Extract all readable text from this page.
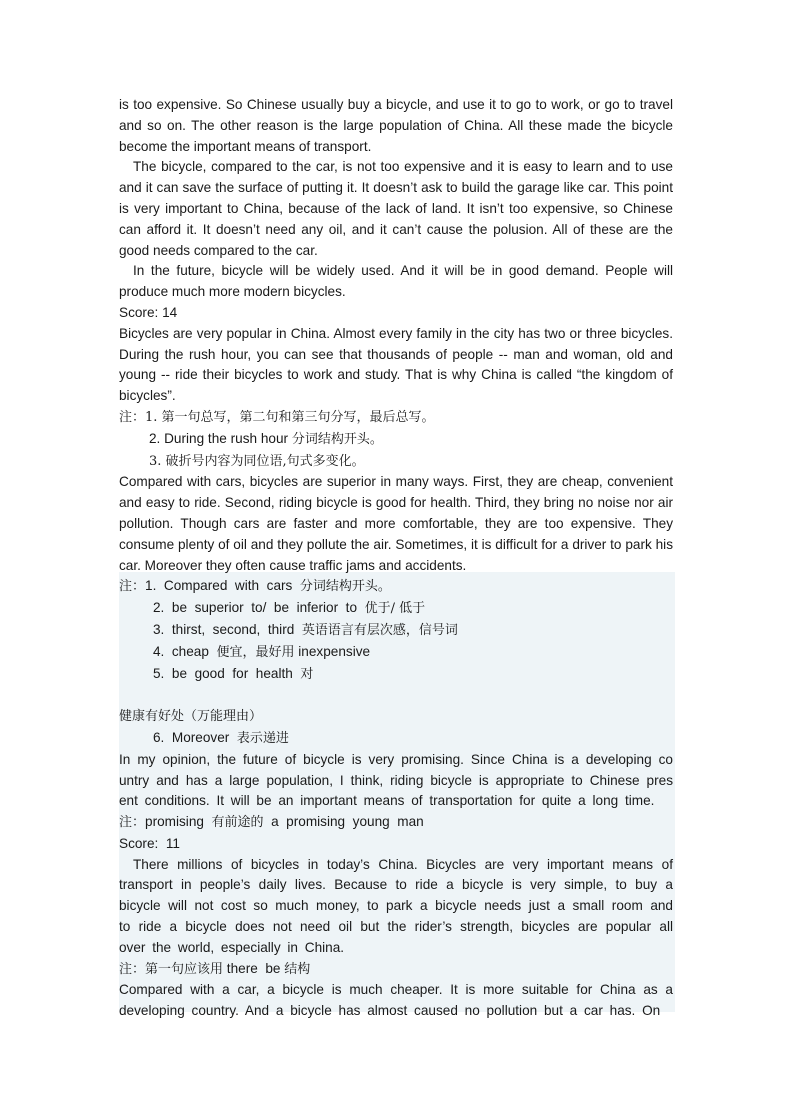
is too expensive. So Chinese usually buy a bicycle, and use it to go to work, or go to travel and so on. The other reason is the large population of China. All these made the bicycle become the important means of transport.

The bicycle, compared to the car, is not too expensive and it is easy to learn and to use and it can save the surface of putting it. It doesn’t ask to build the garage like car. This point is very important to China, because of the lack of land. It isn’t too expensive, so Chinese can afford it. It doesn’t need any oil, and it can’t cause the polusion. All of these are the good needs compared to the car.

In the future, bicycle will be widely used. And it will be in good demand. People will produce much more modern bicycles.

Score: 14

Bicycles are very popular in China. Almost every family in the city has two or three bicycles. During the rush hour, you can see that thousands of people -- man and woman, old and young -- ride their bicycles to work and study. That is why China is called “the kingdom of bicycles”.

注：1. 第一句总写，第二句和第三句分写，最后总写。

2. During the rush hour 分词结构开头。

3. 破折号内容为同位语,句式多变化。

Compared with cars, bicycles are superior in many ways. First, they are cheap, convenient and easy to ride. Second, riding bicycle is good for health. Third, they bring no noise nor air pollution. Though cars are faster and more comfortable, they are too expensive. They consume plenty of oil and they pollute the air. Sometimes, it is difficult for a driver to park his car. Moreover they often cause traffic jams and accidents.

注：1.  Compared  with  cars  分词结构开头。

2.  be  superior  to/  be  inferior  to  优于/ 低于

3.  thirst,  second,  third  英语语言有层次感，信号词

4.  cheap  便宜，最好用 inexpensive

5.  be  good  for  health  对

健康有好处（万能理由）

6.  Moreover  表示递进

In my opinion, the future of bicycle is very promising. Since China is a developing country and has a large population, I think, riding bicycle is appropriate to Chinese present conditions. It will be an important means of transportation for quite a long time.

注：promising  有前途的  a  promising  young  man

Score:  11

There millions of bicycles in today’s China. Bicycles are very important means of transport in people’s daily lives. Because to ride a bicycle is very simple, to buy a bicycle will not cost so much money, to park a bicycle needs just a small room and to ride a bicycle does not need oil but the rider’s strength, bicycles are popular all over the world, especially in China.

注：第一句应该用 there  be 结构

Compared with a car, a bicycle is much cheaper. It is more suitable for China as a developing country. And a bicycle has almost caused no pollution but a car has. On
